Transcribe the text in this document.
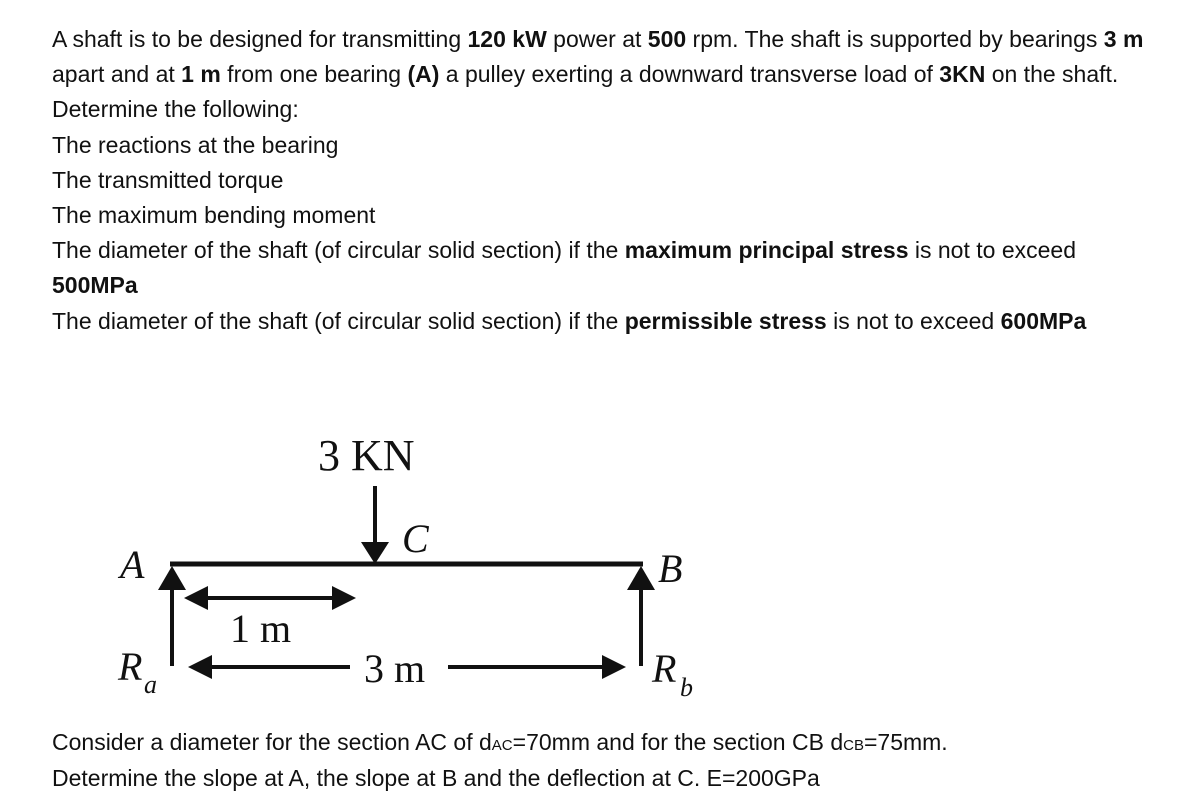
A shaft is to be designed for transmitting 120 kW power at 500 rpm. The shaft is supported by bearings 3 m apart and at 1 m from one bearing (A) a pulley exerting a downward transverse load of 3KN on the shaft. Determine the following:

The reactions at the bearing

The transmitted torque

The maximum bending moment

The diameter of the shaft (of circular solid section) if the maximum principal stress is not to exceed 500MPa

The diameter of the shaft (of circular solid section) if the permissible stress is not to exceed 600MPa

3 KN
C
A	B
1 m
3 m
R a	R b

Consider a diameter for the section AC of dAC=70mm and for the section CB dCB=75mm.

Determine the slope at A, the slope at B and the deflection at C. E=200GPa
